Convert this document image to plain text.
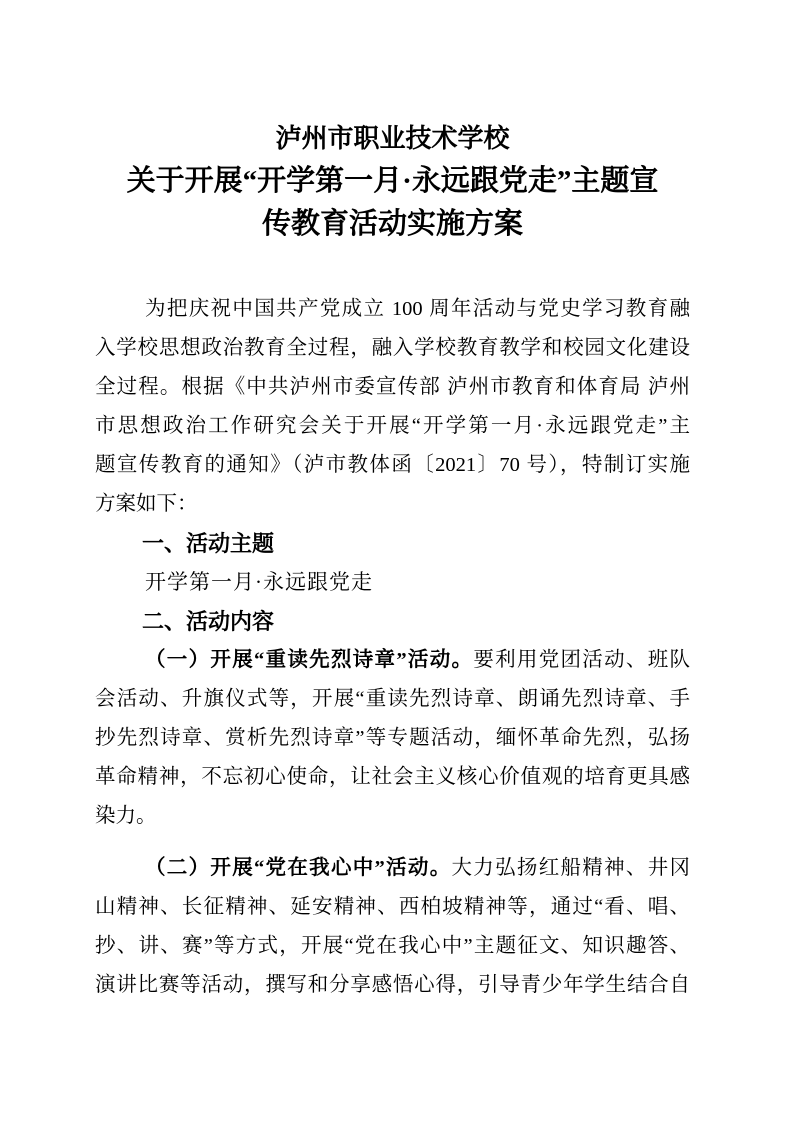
泸州市职业技术学校
关于开展“开学第一月·永远跟党走”主题宣
传教育活动实施方案
为把庆祝中国共产党成立 100 周年活动与党史学习教育融
入学校思想政治教育全过程，融入学校教育教学和校园文化建设
全过程。根据《中共泸州市委宣传部 泸州市教育和体育局 泸州
市思想政治工作研究会关于开展“开学第一月·永远跟党走”主
题宣传教育的通知》（泸市教体函〔2021〕70 号），特制订实施
方案如下：
一、活动主题
开学第一月·永远跟党走
二、活动内容
（一）开展“重读先烈诗章”活动。要利用党团活动、班队
会活动、升旗仪式等，开展“重读先烈诗章、朗诵先烈诗章、手
抄先烈诗章、赏析先烈诗章”等专题活动，缅怀革命先烈，弘扬
革命精神，不忘初心使命，让社会主义核心价值观的培育更具感
染力。
（二）开展“党在我心中”活动。大力弘扬红船精神、井冈
山精神、长征精神、延安精神、西柏坡精神等，通过“看、唱、
抄、讲、赛”等方式，开展“党在我心中”主题征文、知识趣答、
演讲比赛等活动，撰写和分享感悟心得，引导青少年学生结合自
